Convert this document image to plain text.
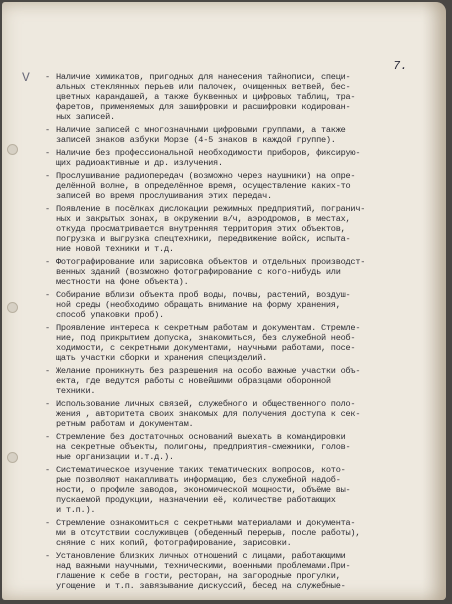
7.
V - Наличие химикатов, пригодных для нанесения тайнописи, специ-
альных стеклянных перьев или палочек, очищенных ветвей, бес-
цветных карандашей, а также буквенных и цифровых таблиц, тра-
фаретов, применяемых для зашифровки и расшифровки кодирован-
ных записей.
- Наличие записей с многозначными цифровыми группами, а также
записей знаков азбуки Морзе (4-5 знаков в каждой группе).
- Наличие без профессиональной необходимости приборов, фиксирую-
щих радиоактивные и др. излучения.
- Прослушивание радиопередач (возможно через наушники) на опре-
делённой волне, в определённое время, осуществление каких-то
записей во время прослушивания этих передач.
- Появление в посёлках дислокации режимных предприятий, погранич-
ных и закрытых зонах, в окружении в/ч, аэродромов, в местах,
откуда просматривается внутренняя территория этих объектов,
погрузка и выгрузка спецтехники, передвижение войск, испыта-
ние новой техники и т.д.
- Фотографирование или зарисовка объектов и отдельных производст-
венных зданий (возможно фотографирование с кого-нибудь или
местности на фоне объекта).
- Собирание вблизи объекта проб воды, почвы, растений, воздуш-
ной среды (необходимо обращать внимание на форму хранения,
способ упаковки проб).
- Проявление интереса к секретным работам и документам. Стремле-
ние, под прикрытием допуска, знакомиться, без служебной необ-
ходимости, с секретными документами, научными работами, посе-
щать участки сборки и хранения специзделий.
- Желание проникнуть без разрешения на особо важные участки объ-
екта, где ведутся работы с новейшими образцами оборонной
техники.
- Использование личных связей, служебного и общественного поло-
жения , авторитета своих знакомых для получения доступа к сек-
ретным работам и документам.
- Стремление без достаточных оснований выехать в командировки
на секретные объекты, полигоны, предприятия-смежники, голов-
ные организации и.т.д.).
- Систематическое изучение таких тематических вопросов, кото-
рые позволяют накапливать информацию, без служебной надоб-
ности, о профиле заводов, экономической мощности, объёме вы-
пускаемой продукции, назначении её, количестве работающих
и т.п.).
- Стремление ознакомиться с секретными материалами и документа-
ми в отсутствии сослуживцев (обеденный перерыв, после работы),
сняние с них копий, фотографирование, зарисовки.
- Установление близких личных отношений с лицами, работающими
над важными научными, техническими, военными проблемами.При-
глашение к себе в гости, ресторан, на загородные прогулки,
угощение  и т.п. завязывание дискуссий, бесед на служебные-
